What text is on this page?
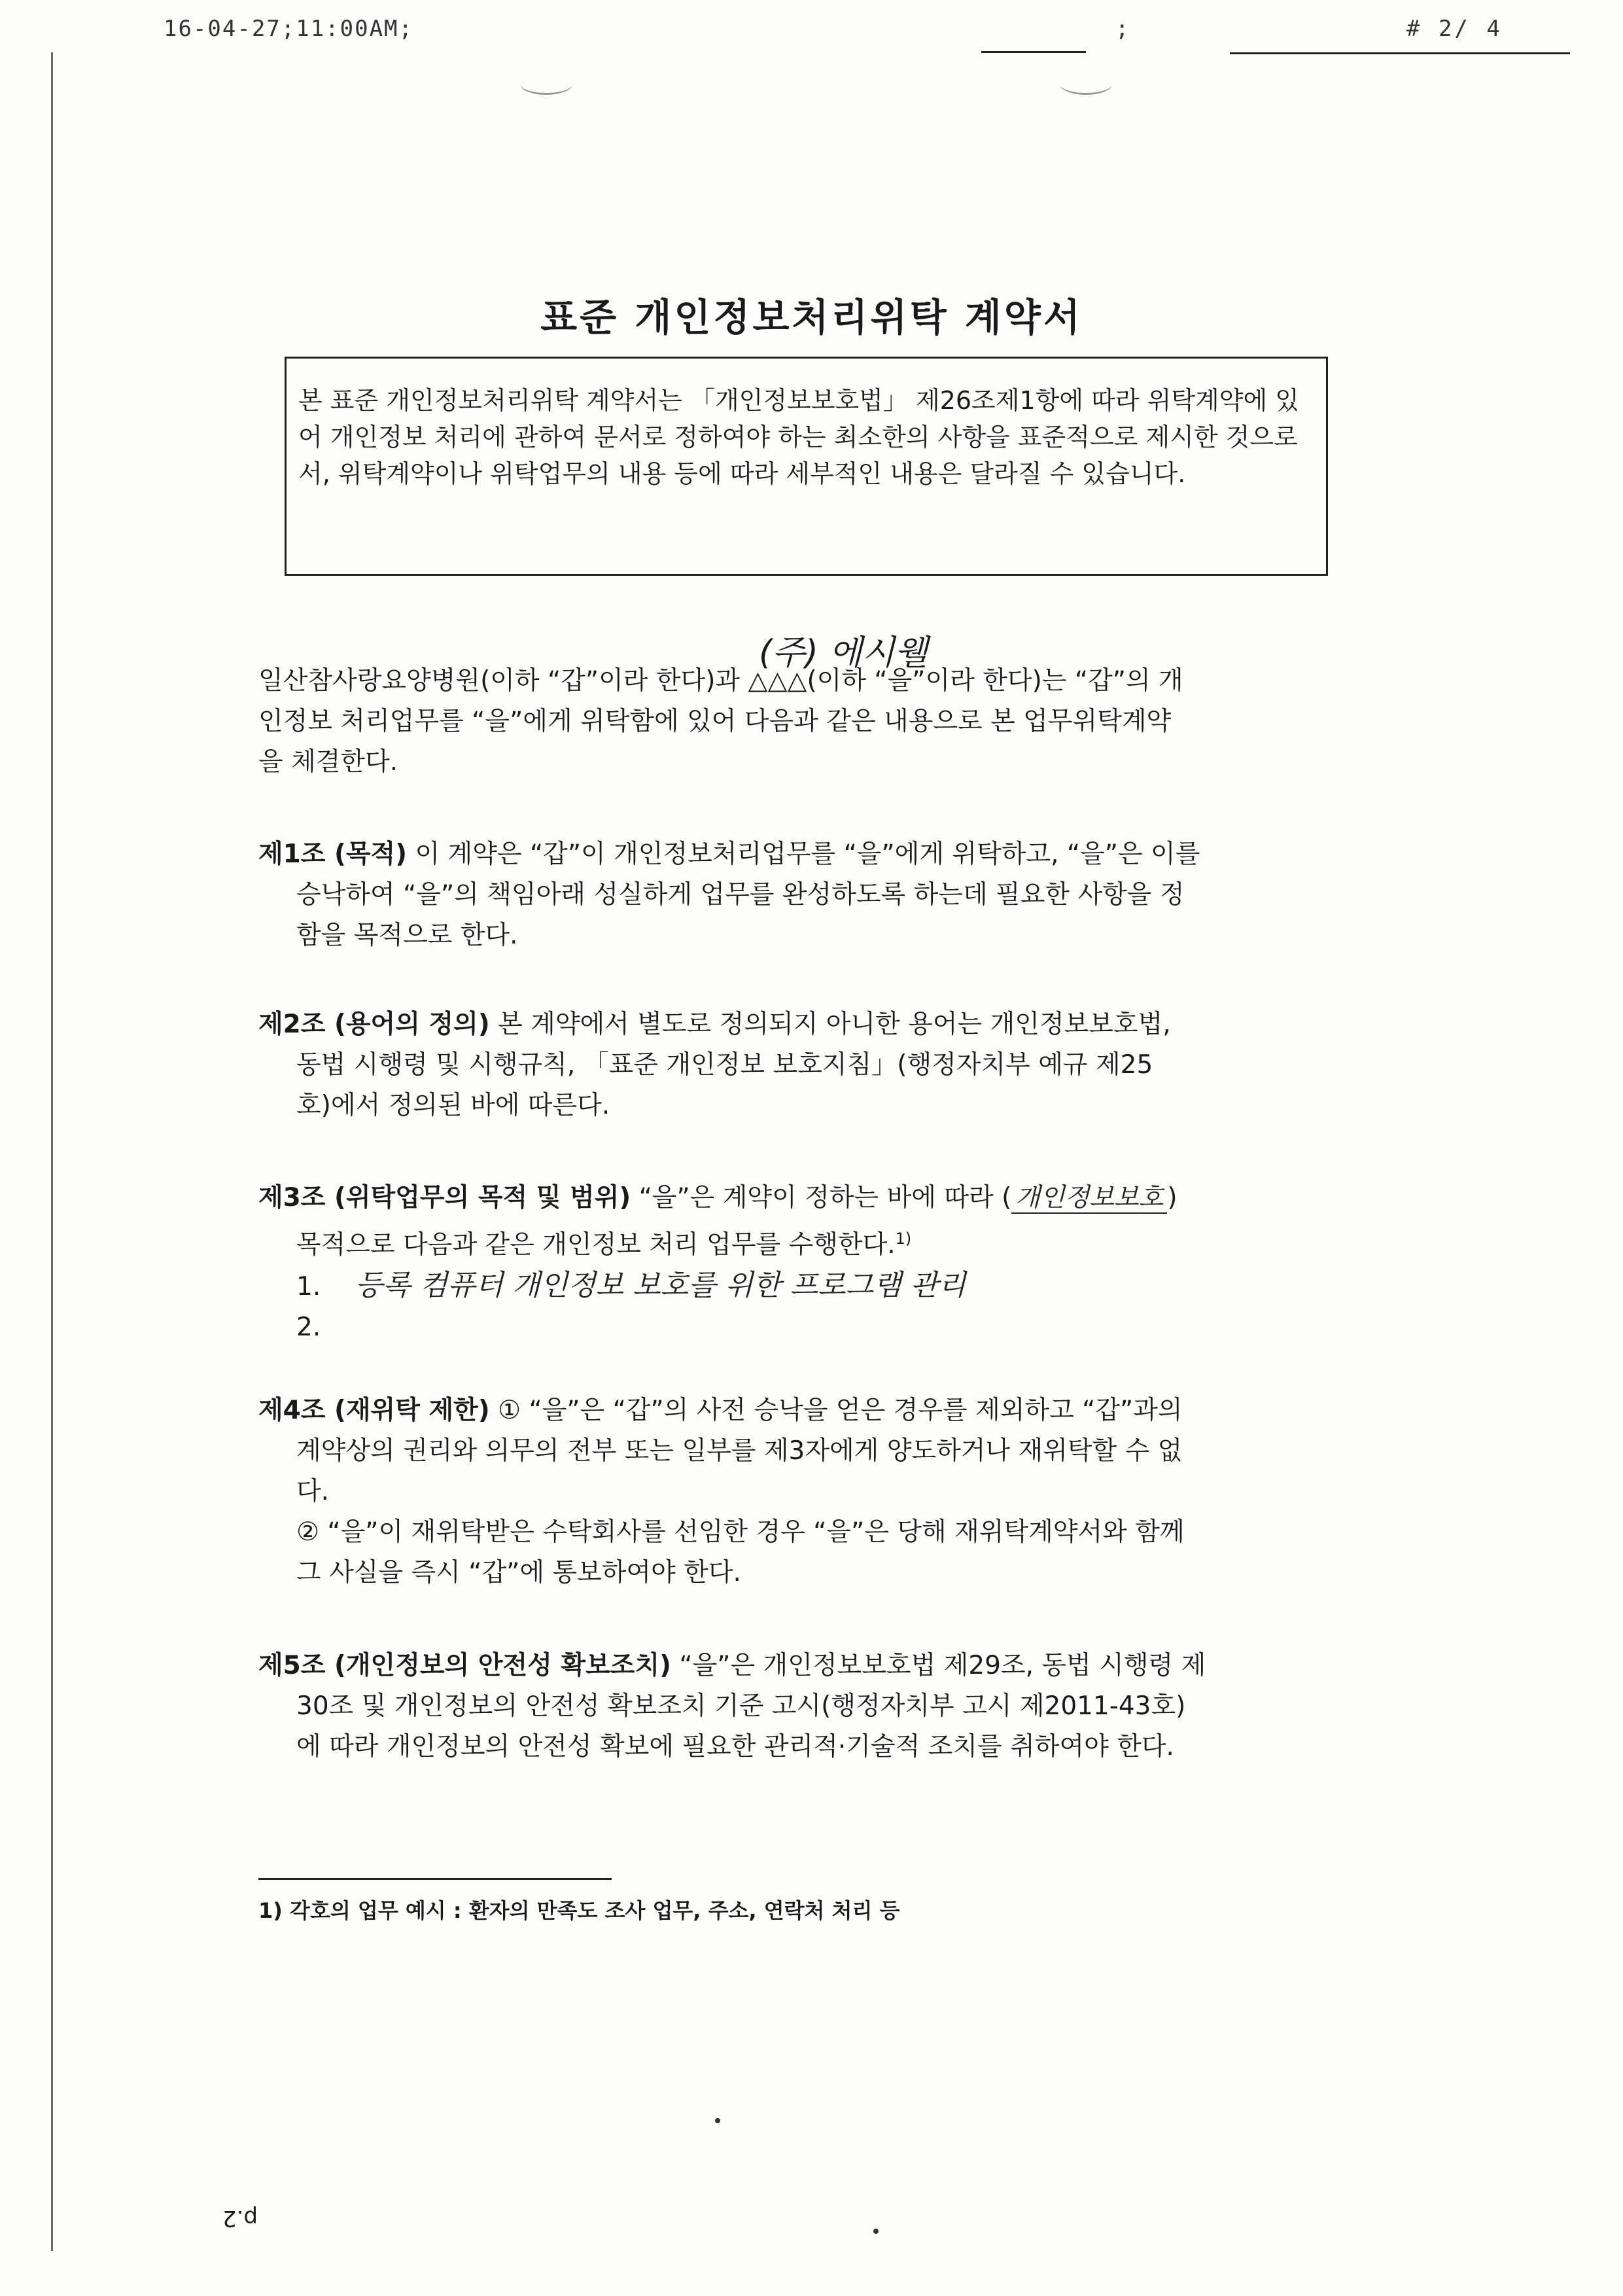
16-04-27;11:00AM;	;	# 2/ 4
표준 개인정보처리위탁 계약서
본 표준 개인정보처리위탁 계약서는 「개인정보보호법」 제26조제1항에 따라 위탁계약에 있어 개인정보 처리에 관하여 문서로 정하여야 하는 최소한의 사항을 표준적으로 제시한 것으로서, 위탁계약이나 위탁업무의 내용 등에 따라 세부적인 내용은 달라질 수 있습니다.
(주) 에시웰
일산참사랑요양병원(이하 “갑”이라 한다)과 △△△(이하 “을”이라 한다)는 “갑”의 개
인정보 처리업무를 “을”에게 위탁함에 있어 다음과 같은 내용으로 본 업무위탁계약
을 체결한다.
제1조 (목적) 이 계약은 “갑”이 개인정보처리업무를 “을”에게 위탁하고, “을”은 이를
승낙하여 “을”의 책임아래 성실하게 업무를 완성하도록 하는데 필요한 사항을 정
함을 목적으로 한다.
제2조 (용어의 정의) 본 계약에서 별도로 정의되지 아니한 용어는 개인정보보호법,
동법 시행령 및 시행규칙, 「표준 개인정보 보호지침」(행정자치부 예규 제25
호)에서 정의된 바에 따른다.
제3조 (위탁업무의 목적 및 범위) “을”은 계약이 정하는 바에 따라 ( 개인정보보호 )
목적으로 다음과 같은 개인정보 처리 업무를 수행한다.$^{1)}$
1. 등록 컴퓨터 개인정보 보호를 위한 프로그램 관리
2.
제4조 (재위탁 제한) ① “을”은 “갑”의 사전 승낙을 얻은 경우를 제외하고 “갑”과의
계약상의 권리와 의무의 전부 또는 일부를 제3자에게 양도하거나 재위탁할 수 없
다.
② “을”이 재위탁받은 수탁회사를 선임한 경우 “을”은 당해 재위탁계약서와 함께
그 사실을 즉시 “갑”에 통보하여야 한다.
제5조 (개인정보의 안전성 확보조치) “을”은 개인정보보호법 제29조, 동법 시행령 제
30조 및 개인정보의 안전성 확보조치 기준 고시(행정자치부 고시 제2011-43호)
에 따라 개인정보의 안전성 확보에 필요한 관리적·기술적 조치를 취하여야 한다.
1) 각호의 업무 예시 : 환자의 만족도 조사 업무, 주소, 연락처 처리 등
p.2
